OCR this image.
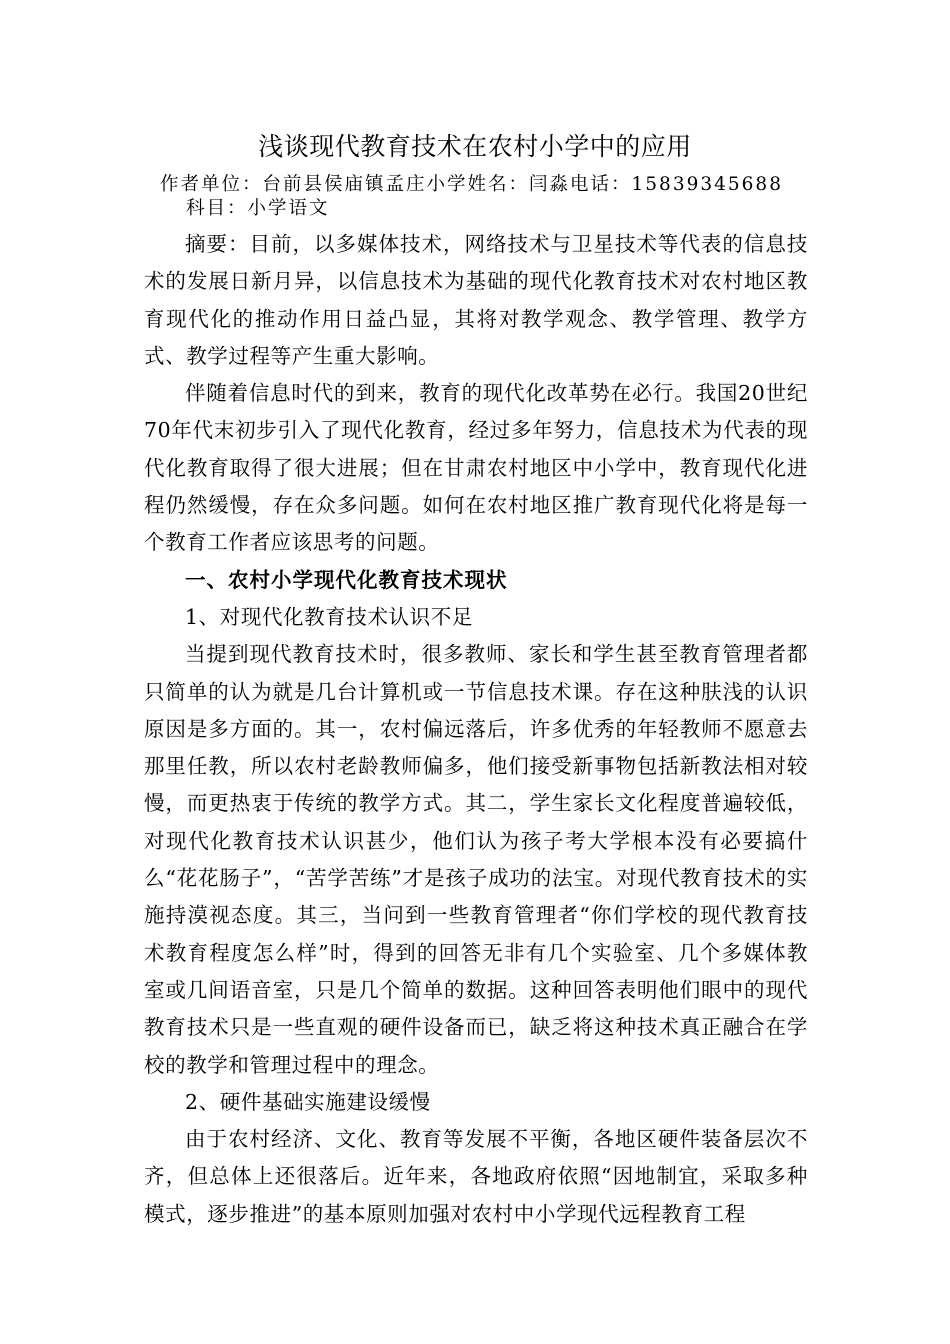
浅谈现代教育技术在农村小学中的应用
作者单位：台前县侯庙镇孟庄小学姓名：闫淼电话：15839345688
科目：小学语文

摘要：目前，以多媒体技术，网络技术与卫星技术等代表的信息技术的发展日新月异，以信息技术为基础的现代化教育技术对农村地区教育现代化的推动作用日益凸显，其将对教学观念、教学管理、教学方式、教学过程等产生重大影响。

伴随着信息时代的到来，教育的现代化改革势在必行。我国20世纪70年代末初步引入了现代化教育，经过多年努力，信息技术为代表的现代化教育取得了很大进展；但在甘肃农村地区中小学中，教育现代化进程仍然缓慢，存在众多问题。如何在农村地区推广教育现代化将是每一个教育工作者应该思考的问题。

一、农村小学现代化教育技术现状

1、对现代化教育技术认识不足

当提到现代教育技术时，很多教师、家长和学生甚至教育管理者都只简单的认为就是几台计算机或一节信息技术课。存在这种肤浅的认识原因是多方面的。其一，农村偏远落后，许多优秀的年轻教师不愿意去那里任教，所以农村老龄教师偏多，他们接受新事物包括新教法相对较慢，而更热衷于传统的教学方式。其二，学生家长文化程度普遍较低，对现代化教育技术认识甚少，他们认为孩子考大学根本没有必要搞什么“花花肠子”，“苦学苦练”才是孩子成功的法宝。对现代教育技术的实施持漠视态度。其三，当问到一些教育管理者“你们学校的现代教育技术教育程度怎么样”时，得到的回答无非有几个实验室、几个多媒体教室或几间语音室，只是几个简单的数据。这种回答表明他们眼中的现代教育技术只是一些直观的硬件设备而已，缺乏将这种技术真正融合在学校的教学和管理过程中的理念。

2、硬件基础实施建设缓慢

由于农村经济、文化、教育等发展不平衡，各地区硬件装备层次不齐，但总体上还很落后。近年来，各地政府依照“因地制宜，采取多种模式，逐步推进”的基本原则加强对农村中小学现代远程教育工程
